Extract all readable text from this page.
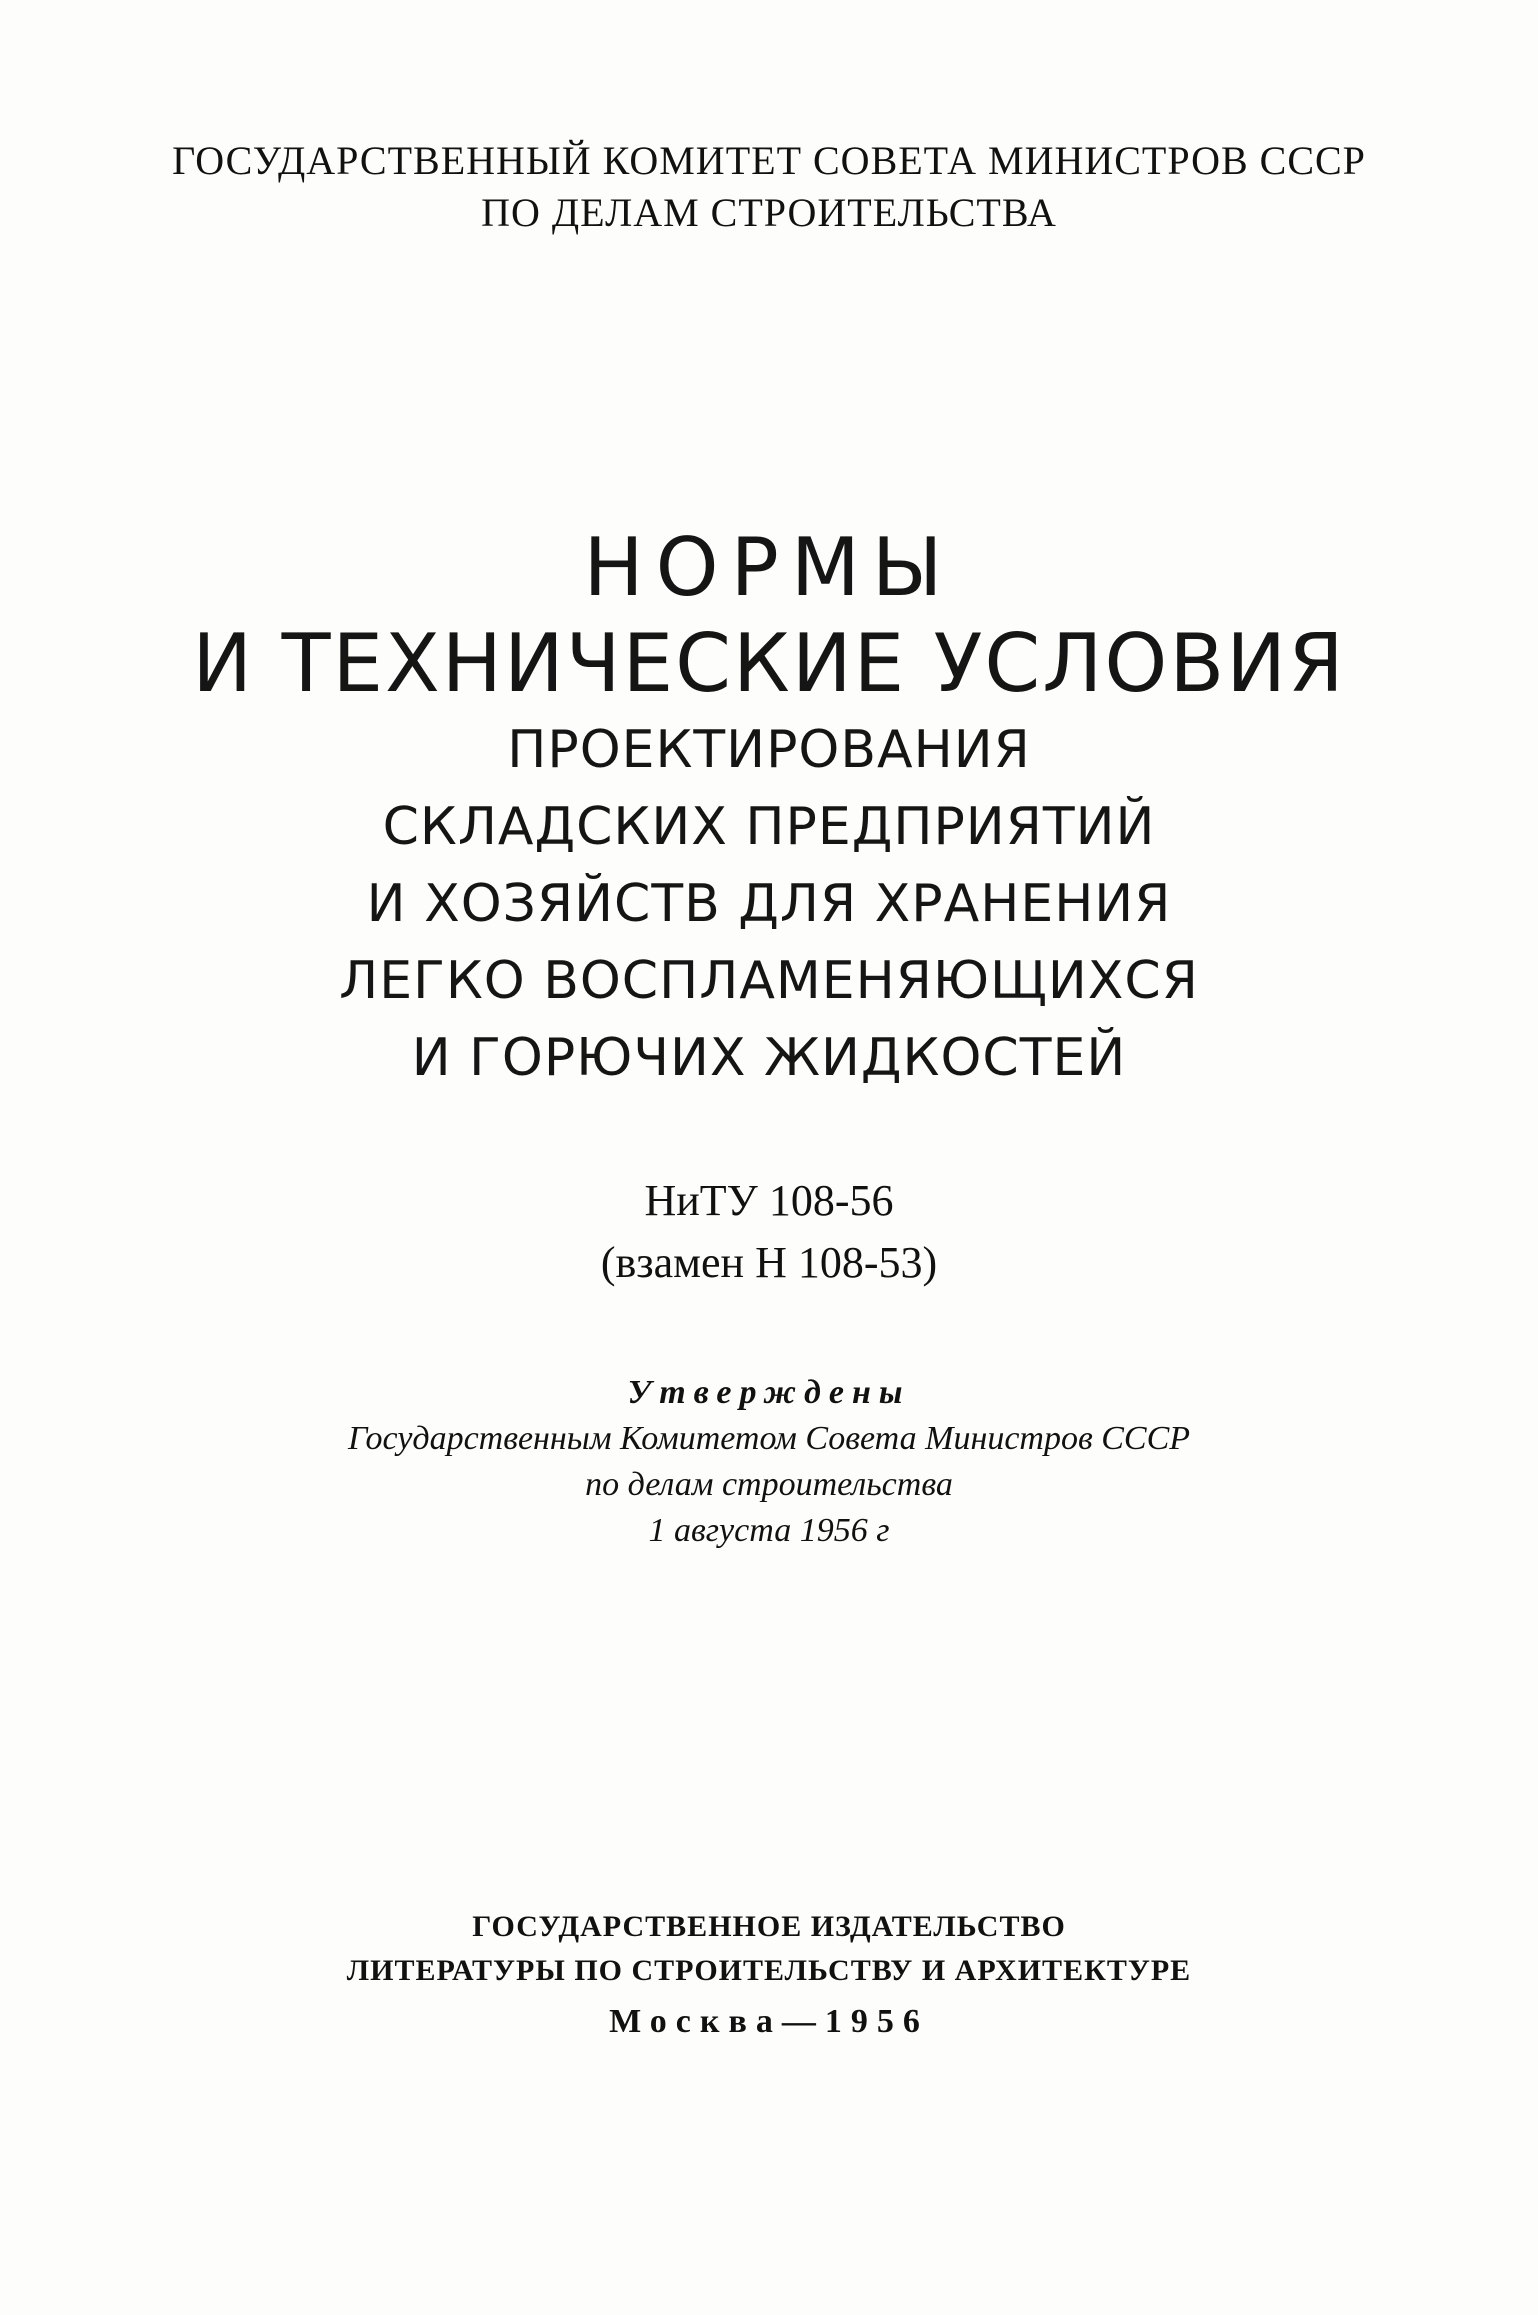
ГОСУДАРСТВЕННЫЙ КОМИТЕТ СОВЕТА МИНИСТРОВ СССР
ПО ДЕЛАМ СТРОИТЕЛЬСТВА
НОРМЫ
И ТЕХНИЧЕСКИЕ УСЛОВИЯ
ПРОЕКТИРОВАНИЯ
СКЛАДСКИХ ПРЕДПРИЯТИЙ
И ХОЗЯЙСТВ ДЛЯ ХРАНЕНИЯ
ЛЕГКО ВОСПЛАМЕНЯЮЩИХСЯ
И ГОРЮЧИХ ЖИДКОСТЕЙ
НиТУ 108-56
(взамен Н 108-53)
Утверждены
Государственным Комитетом Совета Министров СССР
по делам строительства
1 августа 1956 г
ГОСУДАРСТВЕННОЕ ИЗДАТЕЛЬСТВО
ЛИТЕРАТУРЫ ПО СТРОИТЕЛЬСТВУ И АРХИТЕКТУРЕ
Москва—1956
